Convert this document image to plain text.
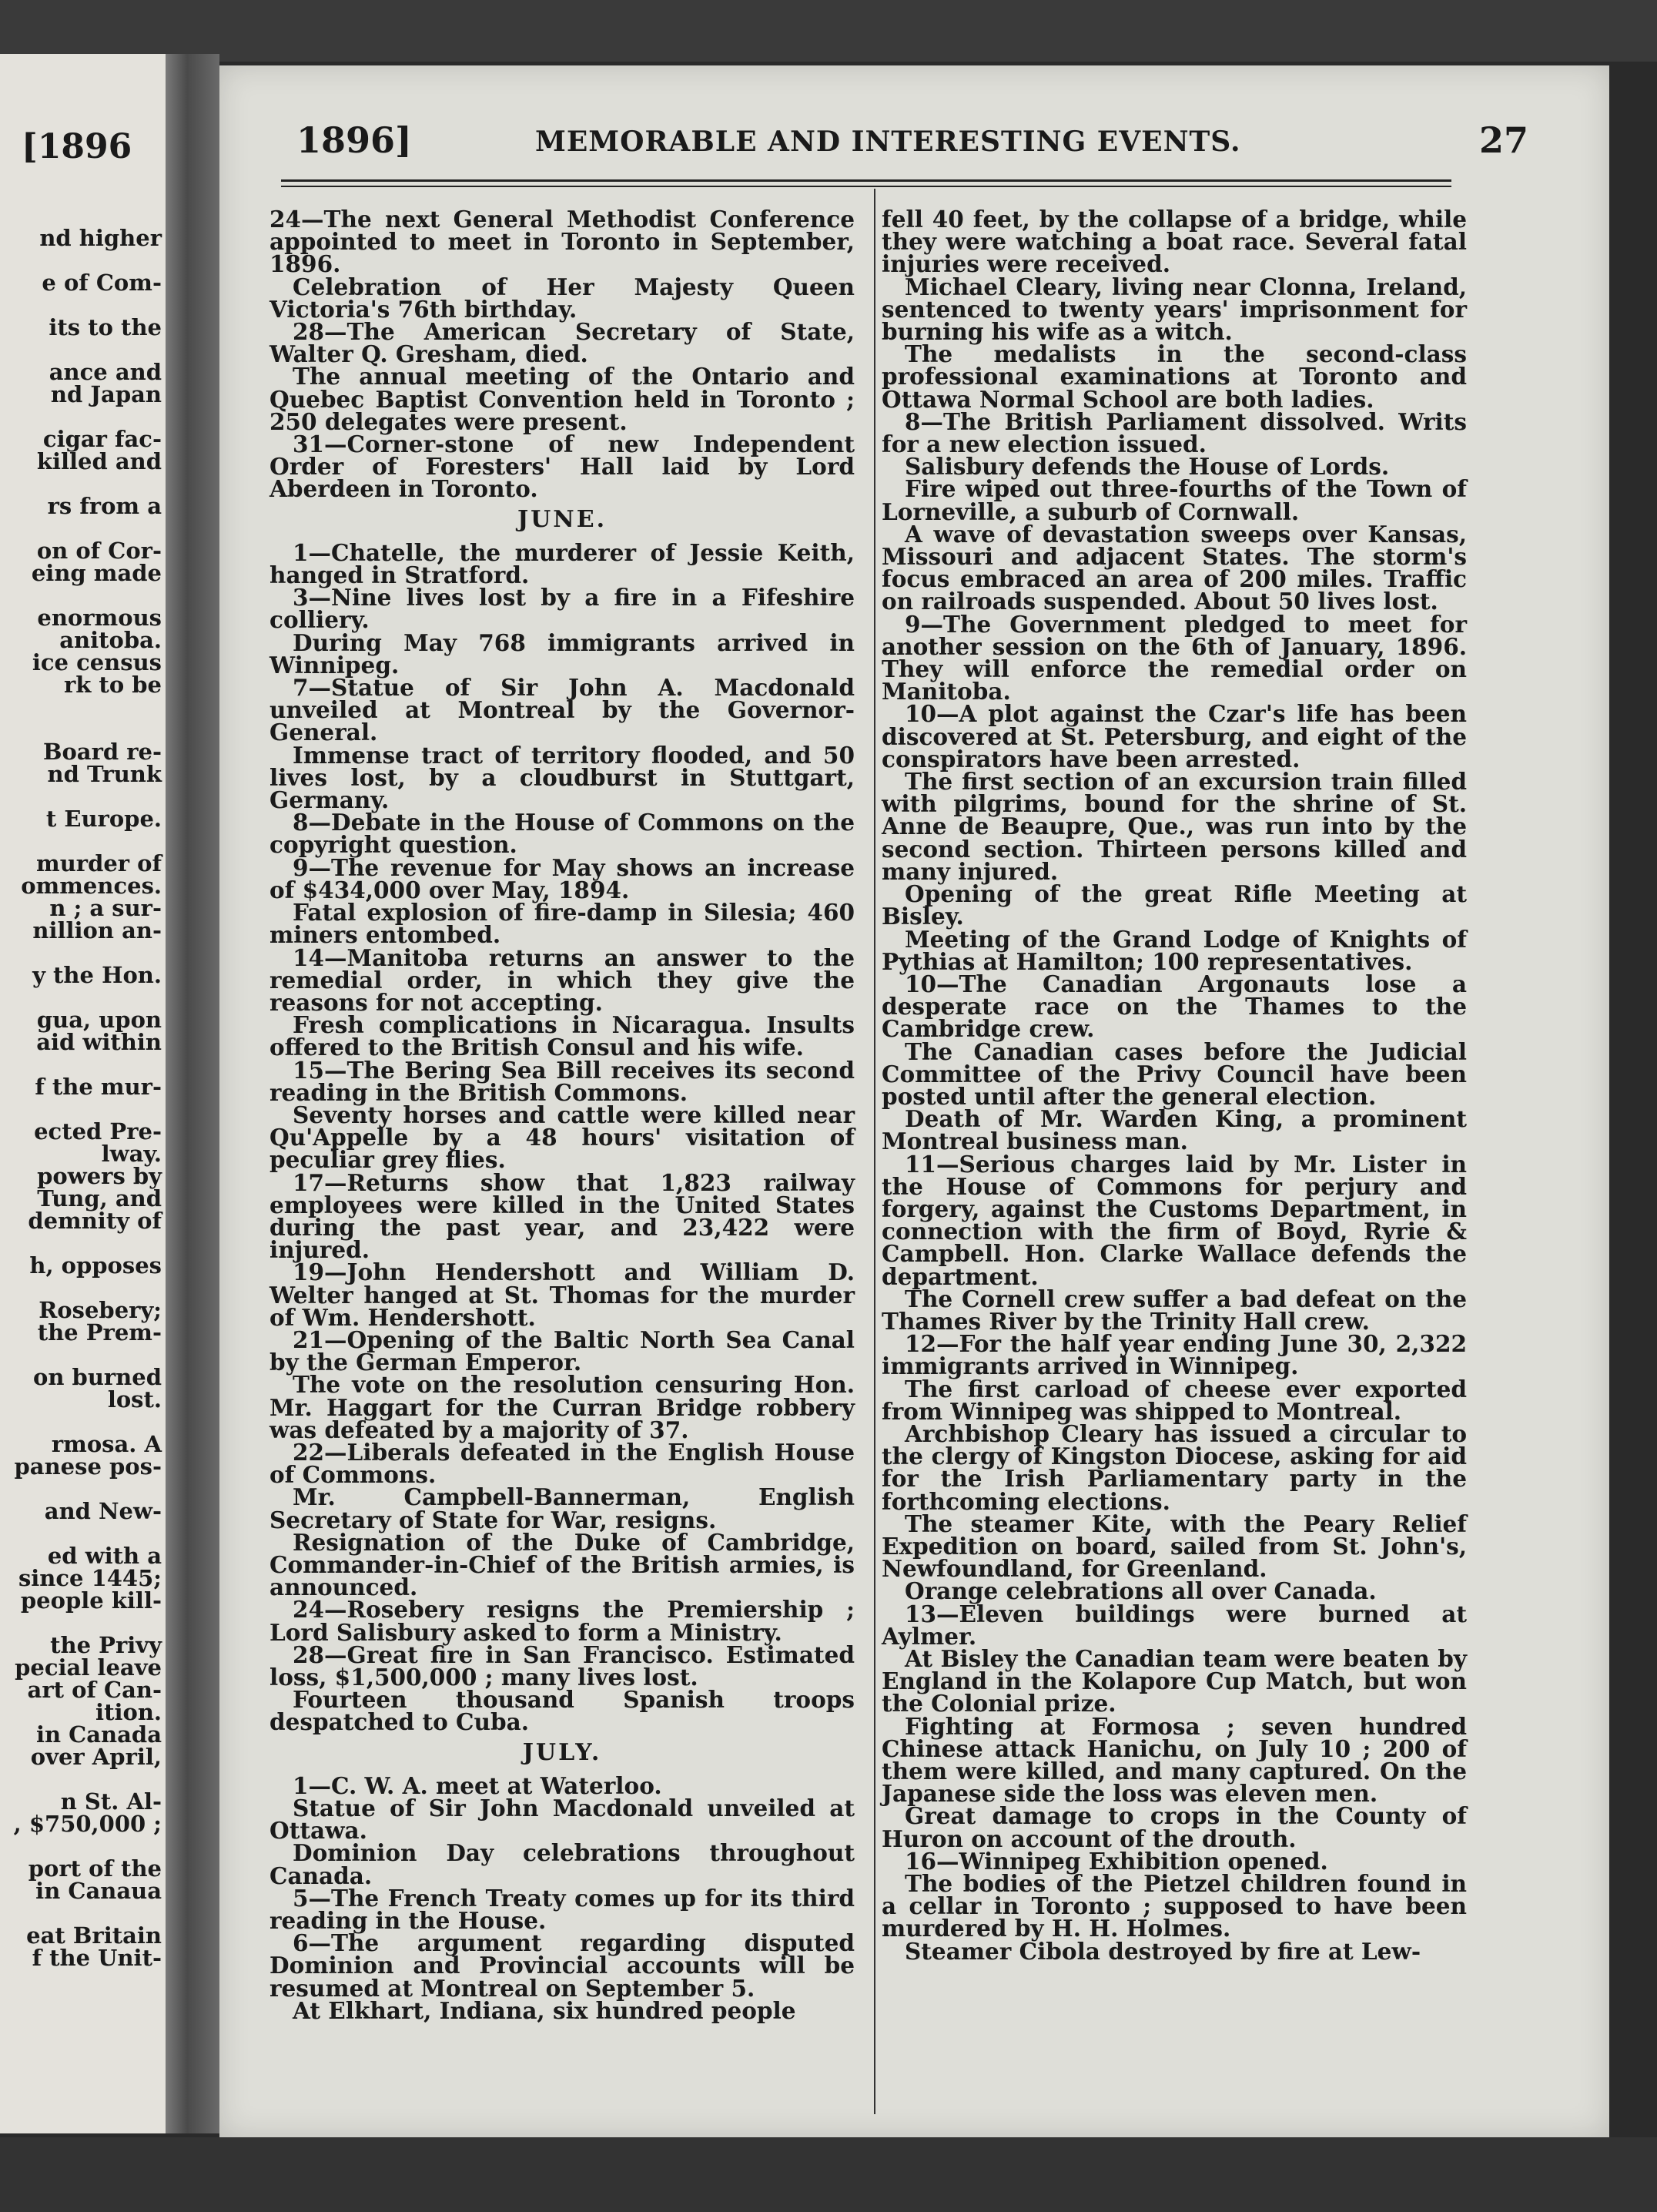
[1896
nd higher
e of Com-
its to the
ance and
nd Japan
cigar fac-
killed and
rs from a
on of Cor-
eing made
enormous
anitoba.
ice census
rk to be
Board re-
nd Trunk
t Europe.
murder of
ommences.
n ; a sur-
nillion an-
y the Hon.
gua, upon
aid within
f the mur-
ected Pre-
lway.
powers by
Tung, and
demnity of
h, opposes
Rosebery;
the Prem-
on burned
lost.
rmosa. A
panese pos-
and New-
ed with a
since 1445;
people kill-
the Privy
pecial leave
art of Can-
ition.
in Canada
over April,
n St. Al-
, $750,000 ;
port of the
in Canaua
eat Britain
f the Unit-
1896]	MEMORABLE AND INTERESTING EVENTS.	27

24—The next General Methodist Conference appointed to meet in Toronto in September, 1896.

Celebration of Her Majesty Queen Victoria's 76th birthday.

28—The American Secretary of State, Walter Q. Gresham, died.

The annual meeting of the Ontario and Quebec Baptist Convention held in Toronto ; 250 delegates were present.

31—Corner-stone of new Independent Order of Foresters' Hall laid by Lord Aberdeen in Toronto.

JUNE.

1—Chatelle, the murderer of Jessie Keith, hanged in Stratford.

3—Nine lives lost by a fire in a Fifeshire colliery.

During May 768 immigrants arrived in Winnipeg.

7—Statue of Sir John A. Macdonald unveiled at Montreal by the Governor-General.

Immense tract of territory flooded, and 50 lives lost, by a cloudburst in Stuttgart, Germany.

8—Debate in the House of Commons on the copyright question.

9—The revenue for May shows an increase of $434,000 over May, 1894.

Fatal explosion of fire-damp in Silesia; 460 miners entombed.

14—Manitoba returns an answer to the remedial order, in which they give the reasons for not accepting.

Fresh complications in Nicaragua. Insults offered to the British Consul and his wife.

15—The Bering Sea Bill receives its second reading in the British Commons.

Seventy horses and cattle were killed near Qu'Appelle by a 48 hours' visitation of peculiar grey flies.

17—Returns show that 1,823 railway employees were killed in the United States during the past year, and 23,422 were injured.

19—John Hendershott and William D. Welter hanged at St. Thomas for the murder of Wm. Hendershott.

21—Opening of the Baltic North Sea Canal by the German Emperor.

The vote on the resolution censuring Hon. Mr. Haggart for the Curran Bridge robbery was defeated by a majority of 37.

22—Liberals defeated in the English House of Commons.

Mr. Campbell-Bannerman, English Secretary of State for War, resigns.

Resignation of the Duke of Cambridge, Commander-in-Chief of the British armies, is announced.

24—Rosebery resigns the Premiership ; Lord Salisbury asked to form a Ministry.

28—Great fire in San Francisco. Estimated loss, $1,500,000 ; many lives lost.

Fourteen thousand Spanish troops despatched to Cuba.

JULY.

1—C. W. A. meet at Waterloo.

Statue of Sir John Macdonald unveiled at Ottawa.

Dominion Day celebrations throughout Canada.

5—The French Treaty comes up for its third reading in the House.

6—The argument regarding disputed Dominion and Provincial accounts will be resumed at Montreal on September 5.

At Elkhart, Indiana, six hundred people

fell 40 feet, by the collapse of a bridge, while they were watching a boat race. Several fatal injuries were received.

Michael Cleary, living near Clonna, Ireland, sentenced to twenty years' imprisonment for burning his wife as a witch.

The medalists in the second-class professional examinations at Toronto and Ottawa Normal School are both ladies.

8—The British Parliament dissolved. Writs for a new election issued.

Salisbury defends the House of Lords.

Fire wiped out three-fourths of the Town of Lorneville, a suburb of Cornwall.

A wave of devastation sweeps over Kansas, Missouri and adjacent States. The storm's focus embraced an area of 200 miles. Traffic on railroads suspended. About 50 lives lost.

9—The Government pledged to meet for another session on the 6th of January, 1896. They will enforce the remedial order on Manitoba.

10—A plot against the Czar's life has been discovered at St. Petersburg, and eight of the conspirators have been arrested.

The first section of an excursion train filled with pilgrims, bound for the shrine of St. Anne de Beaupre, Que., was run into by the second section. Thirteen persons killed and many injured.

Opening of the great Rifle Meeting at Bisley.

Meeting of the Grand Lodge of Knights of Pythias at Hamilton; 100 representatives.

10—The Canadian Argonauts lose a desperate race on the Thames to the Cambridge crew.

The Canadian cases before the Judicial Committee of the Privy Council have been posted until after the general election.

Death of Mr. Warden King, a prominent Montreal business man.

11—Serious charges laid by Mr. Lister in the House of Commons for perjury and forgery, against the Customs Department, in connection with the firm of Boyd, Ryrie & Campbell. Hon. Clarke Wallace defends the department.

The Cornell crew suffer a bad defeat on the Thames River by the Trinity Hall crew.

12—For the half year ending June 30, 2,322 immigrants arrived in Winnipeg.

The first carload of cheese ever exported from Winnipeg was shipped to Montreal.

Archbishop Cleary has issued a circular to the clergy of Kingston Diocese, asking for aid for the Irish Parliamentary party in the forthcoming elections.

The steamer Kite, with the Peary Relief Expedition on board, sailed from St. John's, Newfoundland, for Greenland.

Orange celebrations all over Canada.

13—Eleven buildings were burned at Aylmer.

At Bisley the Canadian team were beaten by England in the Kolapore Cup Match, but won the Colonial prize.

Fighting at Formosa ; seven hundred Chinese attack Hanichu, on July 10 ; 200 of them were killed, and many captured. On the Japanese side the loss was eleven men.

Great damage to crops in the County of Huron on account of the drouth.

16—Winnipeg Exhibition opened.

The bodies of the Pietzel children found in a cellar in Toronto ; supposed to have been murdered by H. H. Holmes.

Steamer Cibola destroyed by fire at Lew-
